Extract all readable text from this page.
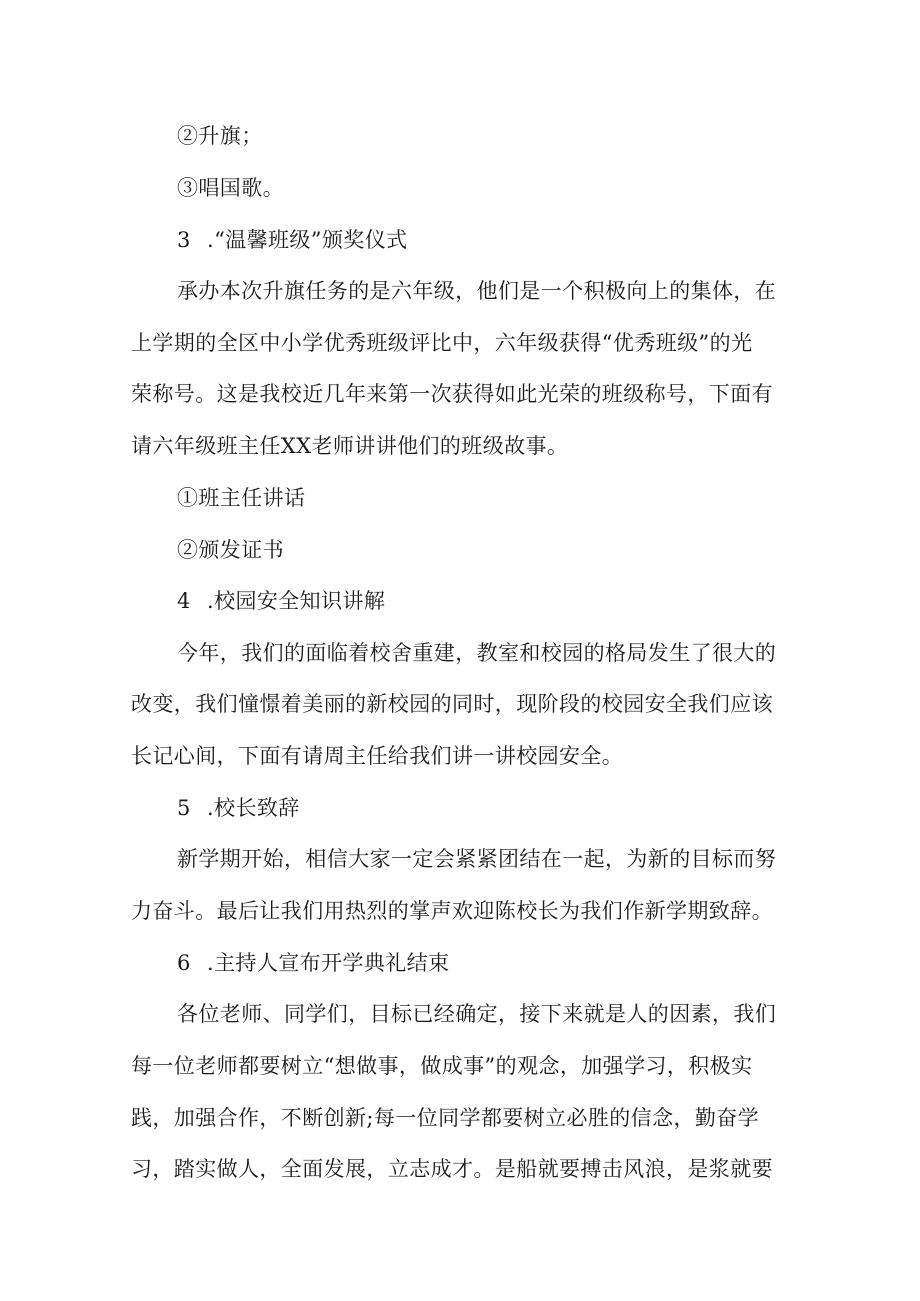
②升旗；
③唱国歌。
3 .“温馨班级”颁奖仪式
承办本次升旗任务的是六年级，他们是一个积极向上的集体，在
上学期的全区中小学优秀班级评比中，六年级获得“优秀班级”的光
荣称号。这是我校近几年来第一次获得如此光荣的班级称号，下面有
请六年级班主任XX老师讲讲他们的班级故事。
①班主任讲话
②颁发证书
4 .校园安全知识讲解
今年，我们的面临着校舍重建，教室和校园的格局发生了很大的
改变，我们憧憬着美丽的新校园的同时，现阶段的校园安全我们应该
长记心间，下面有请周主任给我们讲一讲校园安全。
5 .校长致辞
新学期开始，相信大家一定会紧紧团结在一起，为新的目标而努
力奋斗。最后让我们用热烈的掌声欢迎陈校长为我们作新学期致辞。
6 .主持人宣布开学典礼结束
各位老师、同学们，目标已经确定，接下来就是人的因素，我们
每一位老师都要树立“想做事，做成事”的观念，加强学习，积极实
践，加强合作，不断创新;每一位同学都要树立必胜的信念，勤奋学
习，踏实做人，全面发展，立志成才。是船就要搏击风浪，是浆就要
